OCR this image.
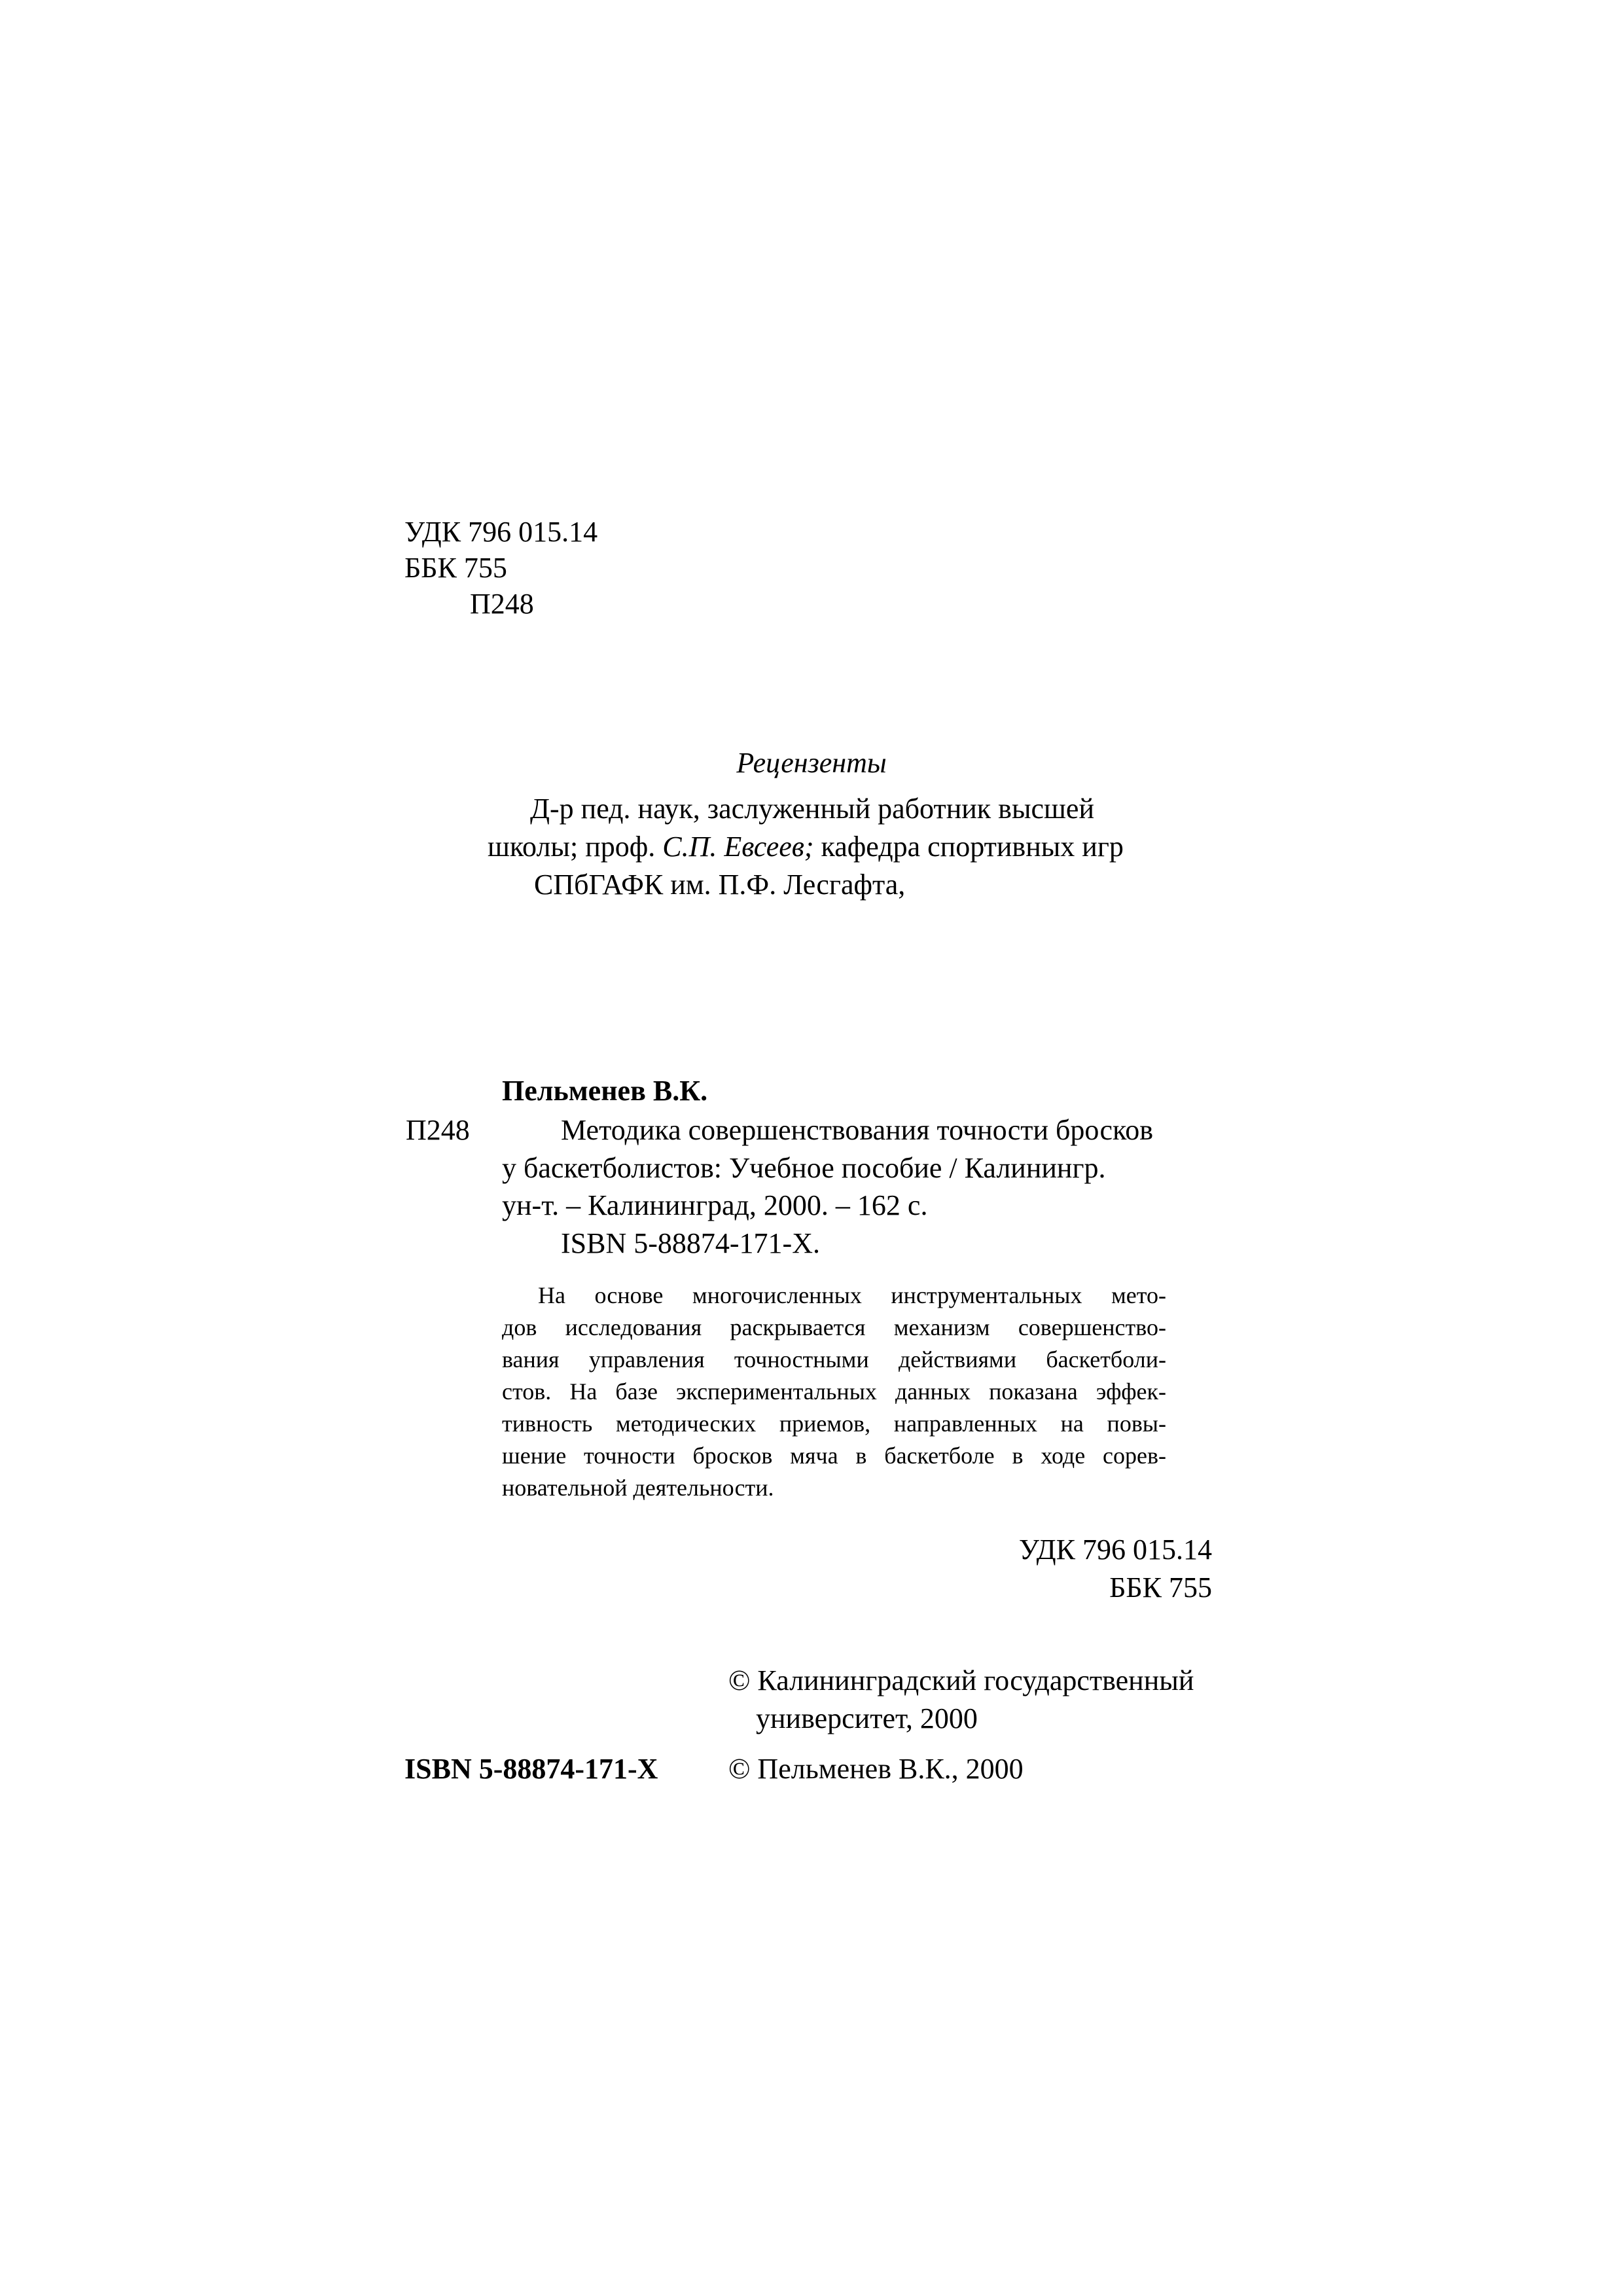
УДК 796 015.14
ББК 755
П248
Рецензенты
Д-р пед. наук, заслуженный работник высшей
школы; проф. С.П. Евсеев; кафедра спортивных игр
СПбГАФК им. П.Ф. Лесгафта,
Пельменев В.К.
П248	Методика совершенствования точности бросков
у баскетболистов: Учебное пособие / Калинингр.
ун-т. – Калининград, 2000. – 162 с.
ISBN 5-88874-171-Х.
На основе многочисленных инструментальных мето-
дов исследования раскрывается механизм совершенство-
вания управления точностными действиями баскетболи-
стов. На базе экспериментальных данных показана эффек-
тивность методических приемов, направленных на повы-
шение точности бросков мяча в баскетболе в ходе сорев-
новательной деятельности.
УДК 796 015.14
ББК 755
© Калининградский государственный
университет, 2000
ISBN 5-88874-171-Х © Пельменев В.К., 2000
